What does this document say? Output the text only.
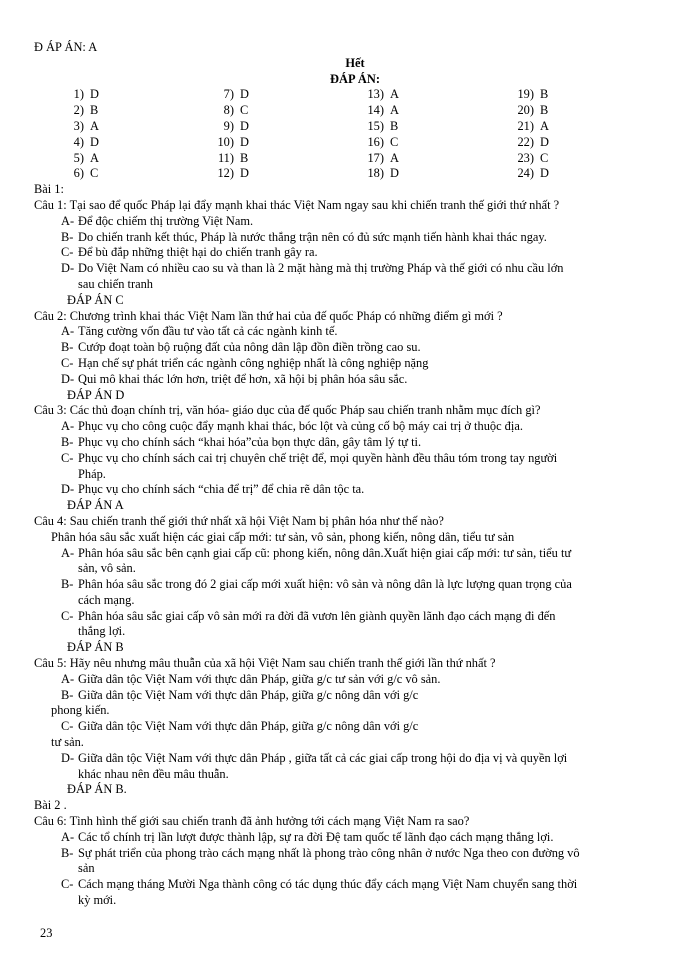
Đ ÁP ÁN: A
Hết
ĐÁP ÁN:
1) D	7) D	13) A	19) B
2) B	8) C	14) A	20) B
3) A	9) D	15) B	21) A
4) D	10) D	16) C	22) D
5) A	11) B	17) A	23) C
6) C	12) D	18) D	24) D
Bài 1:
Câu 1: Tại sao để quốc Pháp lại đẩy mạnh khai thác Việt Nam ngay sau khi chiến tranh thế giới thứ nhất ?
A- Để độc chiếm thị trường Việt Nam.
B- Do chiến tranh kết thúc, Pháp là nước thắng trận nên có đủ sức mạnh tiến hành khai thác ngay.
C- Để bù đắp những thiệt hại do chiến tranh gây ra.
D- Do Việt Nam có nhiều cao su và than là 2 mặt hàng mà thị trường Pháp và thế giới có nhu cầu lớn
sau chiến tranh
ĐÁP ÁN C
Câu 2: Chương trình khai thác Việt Nam lần thứ hai của đế quốc Pháp có những điểm gì mới ?
A- Tăng cường vốn đầu tư vào tất cả các ngành kinh tế.
B- Cướp đoạt toàn bộ ruộng đất của nông dân lập đồn điền trồng cao su.
C- Hạn chế sự phát triển các ngành công nghiệp nhất là công nghiệp nặng
D- Qui mô khai thác lớn hơn, triệt để hơn, xã hội bị phân hóa sâu sắc.
ĐÁP ÁN D
Câu 3: Các thủ đoạn chính trị, văn hóa- giáo dục của đế quốc Pháp sau chiến tranh nhằm mục đích gì?
A- Phục vụ cho công cuộc đẩy mạnh khai thác, bóc lột và củng cố bộ máy cai trị ở thuộc địa.
B- Phục vụ cho chính sách “khai hóa”của bọn thực dân, gây tâm lý tự ti.
C- Phục vụ cho chính sách cai trị chuyên chế triệt để, mọi quyền hành đều thâu tóm trong tay người
Pháp.
D- Phục vụ cho chính sách “chia để trị” để chia rẽ dân tộc ta.
ĐÁP ÁN A
Câu 4: Sau chiến tranh thế giới thứ nhất xã hội Việt Nam bị phân hóa như thế nào?
Phân hóa sâu sắc xuất hiện các giai cấp mới: tư sản, vô sản, phong kiến, nông dân, tiểu tư sản
A- Phân hóa sâu sắc bên cạnh giai cấp cũ: phong kiến, nông dân.Xuất hiện giai cấp mới: tư sản, tiểu tư
sản, vô sản.
B- Phân hóa sâu sắc trong đó 2 giai cấp mới xuất hiện: vô sản và nông dân là lực lượng quan trọng của
cách mạng.
C- Phân hóa sâu sắc giai cấp vô sản mới ra đời đã vươn lên giành quyền lãnh đạo cách mạng đi đến
thắng lợi.
ĐÁP ÁN B
Câu 5: Hãy nêu nhưng mâu thuẫn của xã hội Việt Nam sau chiến tranh thế giới lần thứ nhất ?
A- Giữa dân tộc Việt Nam với thực dân Pháp, giữa g/c tư sản với g/c vô sản.
B- Giữa dân tộc Việt Nam với thực dân Pháp, giữa g/c nông dân với g/c
phong kiến.
C- Giữa dân tộc Việt Nam với thực dân Pháp, giữa g/c nông dân với g/c
tư sản.
D- Giữa dân tộc Việt Nam với thực dân Pháp , giữa tất cả các giai cấp trong hội do địa vị và quyền lợi
khác nhau nên đều mâu thuẫn.
ĐÁP ÁN B.
Bài 2 .
Câu 6: Tình hình thế giới sau chiến tranh đã ảnh hưởng tới cách mạng Việt Nam ra sao?
A- Các tổ chính trị lần lượt được thành lập, sự ra đời Đệ tam quốc tế lãnh đạo cách mạng thắng lợi.
B- Sự phát triển của phong trào cách mạng nhất là phong trào công nhân ở nước Nga theo con đường vô
sản
C- Cách mạng tháng Mười Nga thành công có tác dụng thúc đẩy cách mạng Việt Nam chuyển sang thời
kỳ mới.
23
